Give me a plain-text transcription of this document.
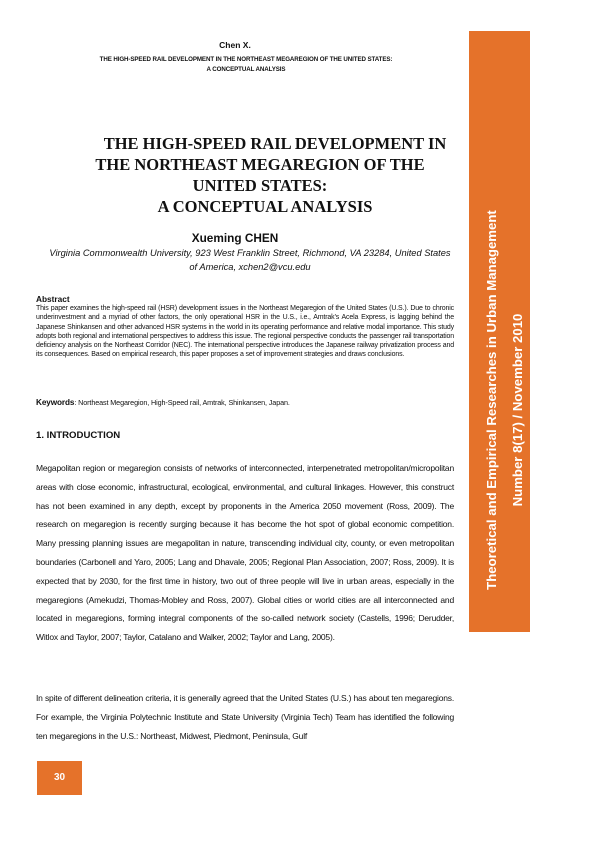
Chen X.
THE HIGH-SPEED RAIL DEVELOPMENT IN THE NORTHEAST MEGAREGION OF THE UNITED STATES:
A CONCEPTUAL ANALYSIS
Theoretical and Empirical Researches in Urban Management Number 8(17) / November 2010
30
THE HIGH-SPEED RAIL DEVELOPMENT IN
THE NORTHEAST MEGAREGION OF THE
UNITED STATES:
A CONCEPTUAL ANALYSIS
Xueming CHEN
Virginia Commonwealth University, 923 West Franklin Street, Richmond, VA 23284, United States of America, xchen2@vcu.edu
Abstract
This paper examines the high-speed rail (HSR) development issues in the Northeast Megaregion of the United States (U.S.). Due to chronic underinvestment and a myriad of other factors, the only operational HSR in the U.S., i.e., Amtrak’s Acela Express, is lagging behind the Japanese Shinkansen and other advanced HSR systems in the world in its operating performance and relative modal importance. This study adopts both regional and international perspectives to address this issue. The regional perspective conducts the passenger rail transportation deficiency analysis on the Northeast Corridor (NEC). The international perspective introduces the Japanese railway privatization process and its consequences. Based on empirical research, this paper proposes a set of improvement strategies and draws conclusions.
Keywords: Northeast Megaregion, High-Speed rail, Amtrak, Shinkansen, Japan.
1. INTRODUCTION
Megapolitan region or megaregion consists of networks of interconnected, interpenetrated metropolitan/micropolitan areas with close economic, infrastructural, ecological, environmental, and cultural linkages. However, this construct has not been examined in any depth, except by proponents in the America 2050 movement (Ross, 2009). The research on megaregion is recently surging because it has become the hot spot of global economic competition. Many pressing planning issues are megapolitan in nature, transcending individual city, county, or even metropolitan boundaries (Carbonell and Yaro, 2005; Lang and Dhavale, 2005; Regional Plan Association, 2007; Ross, 2009). It is expected that by 2030, for the first time in history, two out of three people will live in urban areas, especially in the megaregions (Amekudzi, Thomas-Mobley and Ross, 2007). Global cities or world cities are all interconnected and located in megaregions, forming integral components of the so-called network society (Castells, 1996; Derudder, Witlox and Taylor, 2007; Taylor, Catalano and Walker, 2002; Taylor and Lang, 2005).
In spite of different delineation criteria, it is generally agreed that the United States (U.S.) has about ten megaregions. For example, the Virginia Polytechnic Institute and State University (Virginia Tech) Team has identified the following ten megaregions in the U.S.: Northeast, Midwest, Piedmont, Peninsula, Gulf
